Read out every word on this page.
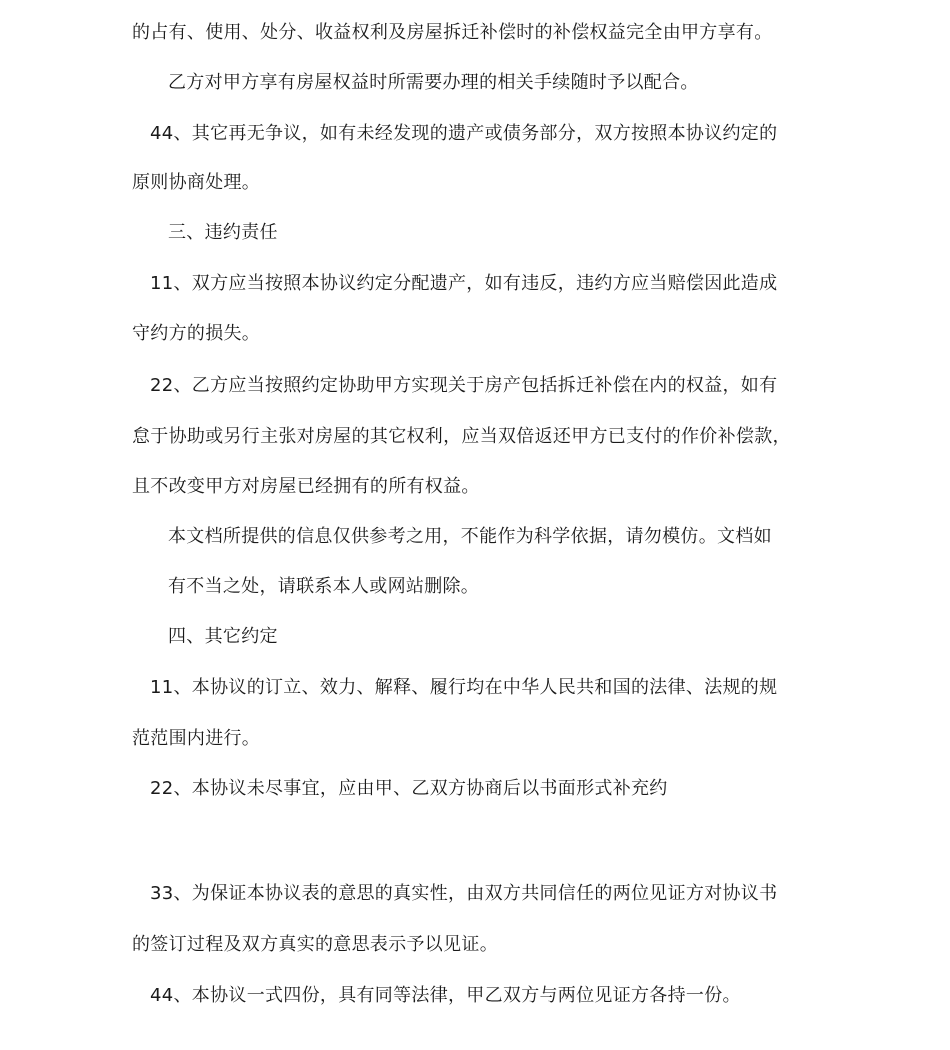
的占有、使用、处分、收益权利及房屋拆迁补偿时的补偿权益完全由甲方享有。
乙方对甲方享有房屋权益时所需要办理的相关手续随时予以配合。
44、其它再无争议，如有未经发现的遗产或债务部分，双方按照本协议约定的
原则协商处理。
三、违约责任
11、双方应当按照本协议约定分配遗产，如有违反，违约方应当赔偿因此造成
守约方的损失。
22、乙方应当按照约定协助甲方实现关于房产包括拆迁补偿在内的权益，如有
怠于协助或另行主张对房屋的其它权利，应当双倍返还甲方已支付的作价补偿款，
且不改变甲方对房屋已经拥有的所有权益。
本文档所提供的信息仅供参考之用，不能作为科学依据，请勿模仿。文档如
有不当之处，请联系本人或网站删除。
四、其它约定
11、本协议的订立、效力、解释、履行均在中华人民共和国的法律、法规的规
范范围内进行。
22、本协议未尽事宜，应由甲、乙双方协商后以书面形式补充约
33、为保证本协议表的意思的真实性，由双方共同信任的两位见证方对协议书
的签订过程及双方真实的意思表示予以见证。
44、本协议一式四份，具有同等法律，甲乙双方与两位见证方各持一份。
